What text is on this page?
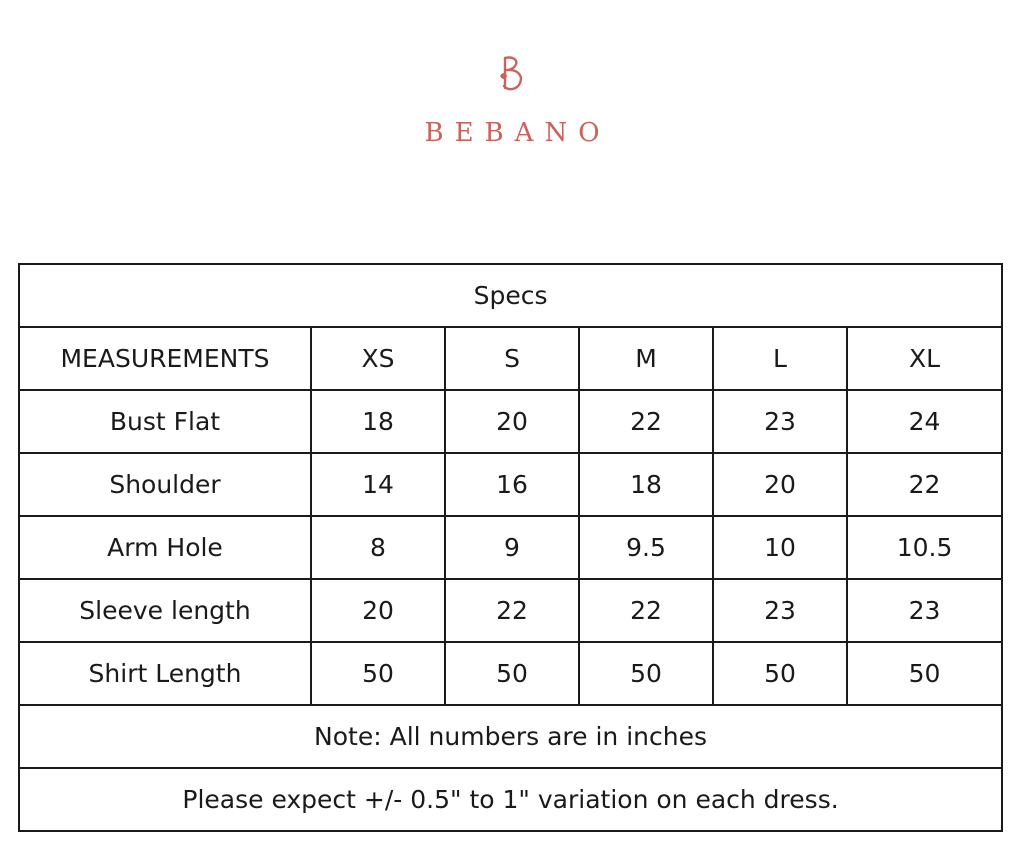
BEBANO
Specs					
MEASUREMENTS	XS	S	M	L	XL
Bust Flat	18	20	22	23	24
Shoulder	14	16	18	20	22
Arm Hole	8	9	9.5	10	10.5
Sleeve length	20	22	22	23	23
Shirt Length	50	50	50	50	50
Note: All numbers are in inches					
Please expect +/- 0.5" to 1" variation on each dress.					
